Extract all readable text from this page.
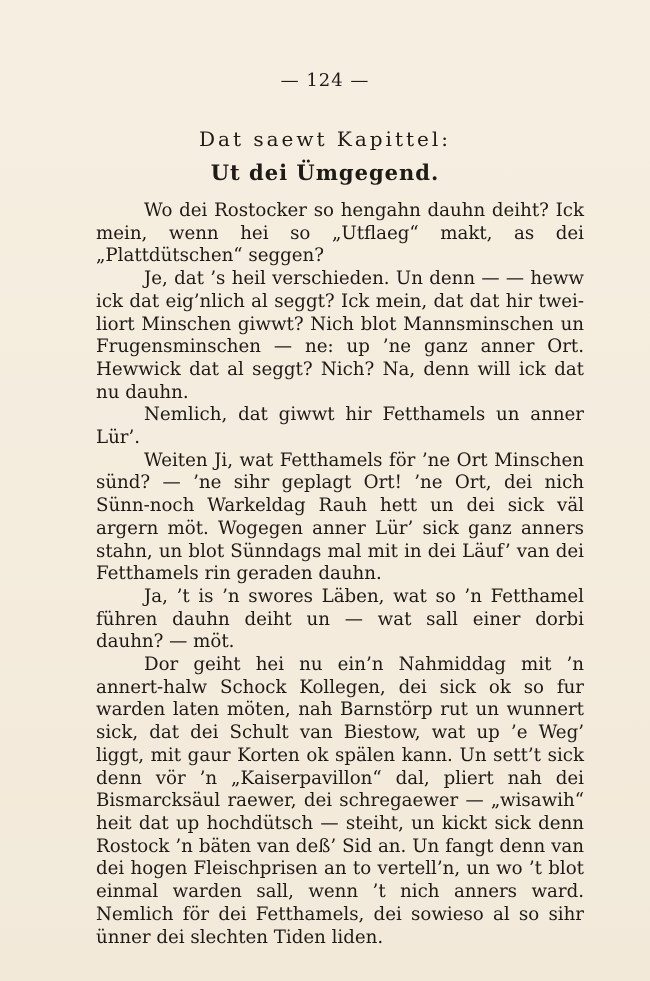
— 124 —
Dat saewt Kapittel:
Ut dei Ümgegend.

Wo dei Rostocker so hengahn dauhn deiht? Ick mein, wenn hei so „Utflaeg“ makt, as dei „Plattdütschen“ seggen?

Je, dat ’s heil verschieden. Un denn — — heww ick dat eig’nlich al seggt? Ick mein, dat dat hir twei-liort Minschen giwwt? Nich blot Mannsminschen un Frugensminschen — ne: up ’ne ganz anner Ort. Hewwick dat al seggt? Nich? Na, denn will ick dat nu dauhn.

Nemlich, dat giwwt hir Fetthamels un anner Lür’.

Weiten Ji, wat Fetthamels för ’ne Ort Minschen sünd? — ’ne sihr geplagt Ort! ’ne Ort, dei nich Sünn-noch Warkeldag Rauh hett un dei sick väl argern möt. Wogegen anner Lür’ sick ganz anners stahn, un blot Sünndags mal mit in dei Läuf’ van dei Fetthamels rin geraden dauhn.

Ja, ’t is ’n swores Läben, wat so ’n Fetthamel führen dauhn deiht un — wat sall einer dorbi dauhn? — möt.

Dor geiht hei nu ein’n Nahmiddag mit ’n annert-halw Schock Kollegen, dei sick ok so fur warden laten möten, nah Barnstörp rut un wunnert sick, dat dei Schult van Biestow, wat up ’e Weg’ liggt, mit gaur Korten ok spälen kann. Un sett’t sick denn vör ’n „Kaiserpavillon“ dal, pliert nah dei Bismarcksäul raewer, dei schregaewer — „wisawih“ heit dat up hochdütsch — steiht, un kickt sick denn Rostock ’n bäten van deß’ Sid an. Un fangt denn van dei hogen Fleischprisen an to vertell’n, un wo ’t blot einmal warden sall, wenn ’t nich anners ward. Nemlich för dei Fetthamels, dei sowieso al so sihr ünner dei slechten Tiden liden.
